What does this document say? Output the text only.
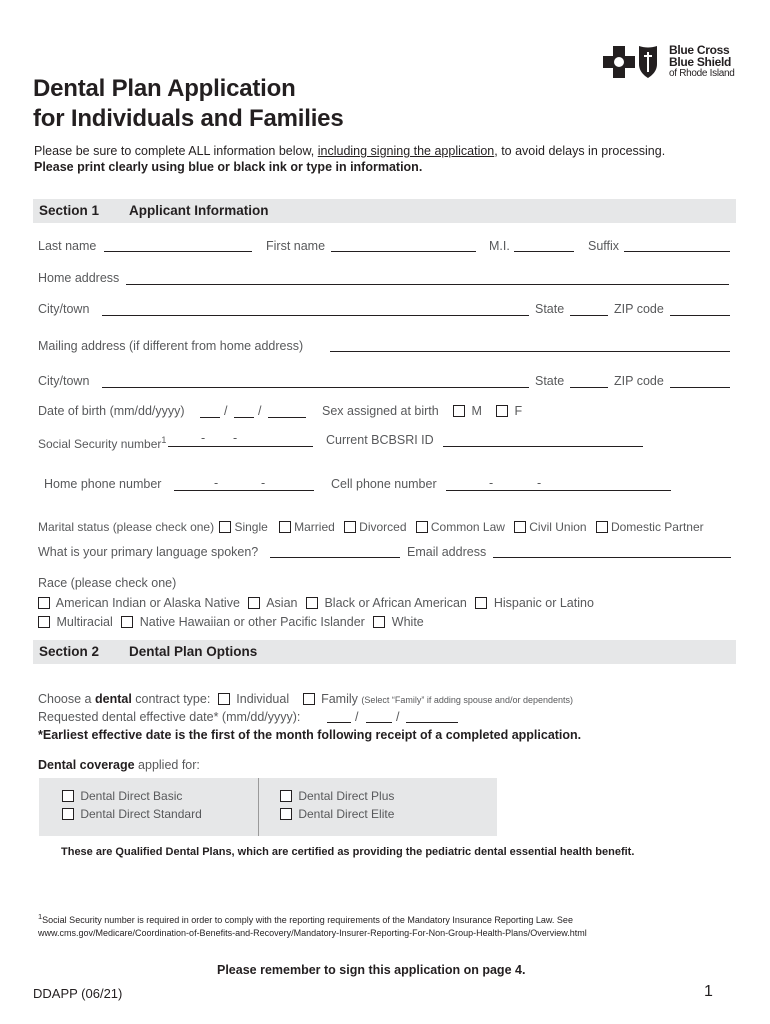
Blue Cross
Blue Shield
of Rhode Island
Dental Plan Application
for Individuals and Families
Please be sure to complete ALL information below, including signing the application, to avoid delays in processing.
Please print clearly using blue or black ink or type in information.
Section 1 Applicant Information
Last name	First name	M.I.	Suffix
Home address
City/town	State	ZIP code
Mailing address (if different from home address)
City/town	State	ZIP code
Date of birth (mm/dd/yyyy)	/ /	Sex assigned at birth	M	F
Social Security number$^1$	- -	Current BCBSRI ID
Home phone number	-	-	Cell phone number	-	-
Marital status (please check one) Single Married Divorced Common Law Civil Union Domestic Partner
What is your primary language spoken?	Email address
Race (please check one)
American Indian or Alaska Native Asian Black or African American Hispanic or Latino
Multiracial Native Hawaiian or other Pacific Islander White
Section 2 Dental Plan Options
Choose a dental contract type: Individual	Family (Select “Family” if adding spouse and/or dependents)
Requested dental effective date* (mm/dd/yyyy):	/	/
*Earliest effective date is the first of the month following receipt of a completed application.
Dental coverage applied for:
Dental Direct Basic
Dental Direct Standard
Dental Direct Plus
Dental Direct Elite
These are Qualified Dental Plans, which are certified as providing the pediatric dental essential health benefit.
$^1$Social Security number is required in order to comply with the reporting requirements of the Mandatory Insurance Reporting Law. See
www.cms.gov/Medicare/Coordination-of-Benefits-and-Recovery/Mandatory-Insurer-Reporting-For-Non-Group-Health-Plans/Overview.html
Please remember to sign this application on page 4.
DDAPP (06/21)	1
